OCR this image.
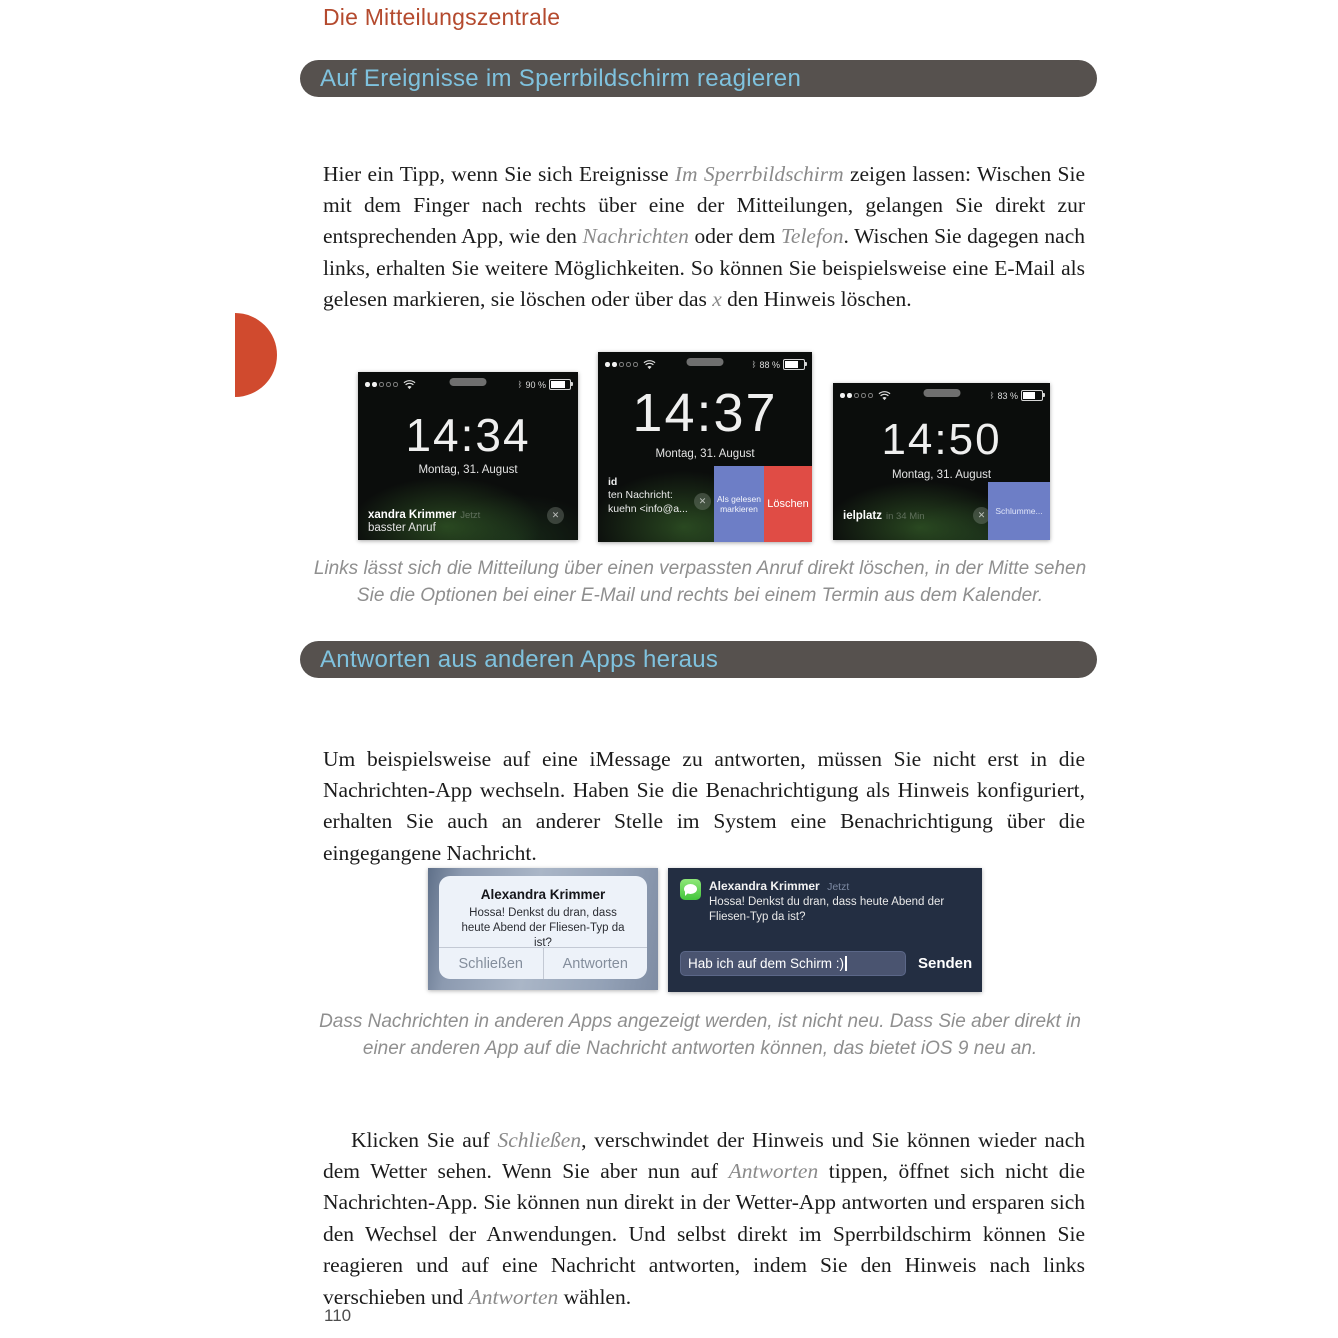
Die Mitteilungszentrale
Auf Ereignisse im Sperrbildschirm reagieren

Hier ein Tipp, wenn Sie sich Ereignisse Im Sperrbildschirm zeigen lassen: Wischen Sie mit dem Finger nach rechts über eine der Mitteilungen, gelangen Sie direkt zur entsprechenden App, wie den Nachrichten oder dem Telefon. Wischen Sie dagegen nach links, erhalten Sie weitere Möglichkeiten. So können Sie beispielsweise eine E-Mail als gelesen markieren, sie löschen oder über das x den Hinweis löschen.

ᛒ 90 %
14:34
Montag, 31. August
xandra Krimmer Jetzt
basster Anruf
✕
ᛒ 88 %
14:37
Montag, 31. August
id
ten Nachricht:
kuehn <info@a...
✕	Als gelesen markieren Löschen
ᛒ 83 %
14:50
Montag, 31. August
ielplatz in 34 Min	✕	Schlumme...
Links lässt sich die Mitteilung über einen verpassten Anruf direkt löschen, in der Mitte sehen Sie die Optionen bei einer E-Mail und rechts bei einem Termin aus dem Kalender.
Antworten aus anderen Apps heraus

Um beispielsweise auf eine iMessage zu antworten, müssen Sie nicht erst in die Nachrichten-App wechseln. Haben Sie die Benachrichtigung als Hinweis konfiguriert, erhalten Sie auch an anderer Stelle im System eine Benachrichtigung über die eingegangene Nachricht.

Alexandra Krimmer
Hossa! Denkst du dran, dass heute Abend der Fliesen-Typ da ist?
Schließen	Antworten
Alexandra Krimmer Jetzt
Hossa! Denkst du dran, dass heute Abend der Fliesen-Typ da ist?
Hab ich auf dem Schirm :)	Senden
Dass Nachrichten in anderen Apps angezeigt werden, ist nicht neu. Dass Sie aber direkt in einer anderen App auf die Nachricht antworten können, das bietet iOS 9 neu an.

Klicken Sie auf Schließen, verschwindet der Hinweis und Sie können wieder nach dem Wetter sehen. Wenn Sie aber nun auf Antworten tippen, öffnet sich nicht die Nachrichten-App. Sie können nun direkt in der Wetter-App antworten und ersparen sich den Wechsel der Anwendungen. Und selbst direkt im Sperrbildschirm können Sie reagieren und auf eine Nachricht antworten, indem Sie den Hinweis nach links verschieben und Antworten wählen.

110
